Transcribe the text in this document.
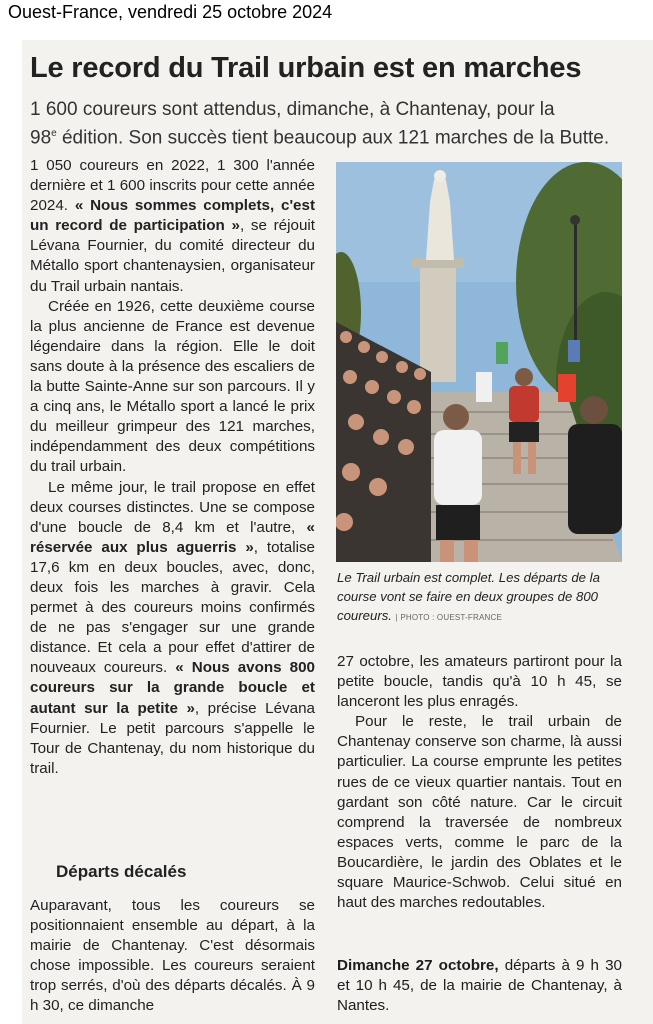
Ouest-France, vendredi 25 octobre 2024
Le record du Trail urbain est en marches
1 600 coureurs sont attendus, dimanche, à Chantenay, pour la
98e édition. Son succès tient beaucoup aux 121 marches de la Butte.

1 050 coureurs en 2022, 1 300 l'année dernière et 1 600 inscrits pour cette année 2024. « Nous sommes complets, c'est un record de participation », se réjouit Lévana Fournier, du comité directeur du Métallo sport chantenaysien, organisateur du Trail urbain nantais.

Créée en 1926, cette deuxième course la plus ancienne de France est devenue légendaire dans la région. Elle le doit sans doute à la présence des escaliers de la butte Sainte-Anne sur son parcours. Il y a cinq ans, le Métallo sport a lancé le prix du meilleur grimpeur des 121 marches, indépendamment des deux compétitions du trail urbain.

Le même jour, le trail propose en effet deux courses distinctes. Une se compose d'une boucle de 8,4 km et l'autre, « réservée aux plus aguerris », totalise 17,6 km en deux boucles, avec, donc, deux fois les marches à gravir. Cela permet à des coureurs moins confirmés de ne pas s'engager sur une grande distance. Et cela a pour effet d'attirer de nouveaux coureurs. « Nous avons 800 coureurs sur la grande boucle et autant sur la petite », précise Lévana Fournier. Le petit parcours s'appelle le Tour de Chantenay, du nom historique du trail.

Départs décalés

Auparavant, tous les coureurs se positionnaient ensemble au départ, à la mairie de Chantenay. C'est désormais chose impossible. Les coureurs seraient trop serrés, d'où des départs décalés. À 9 h 30, ce dimanche

Le Trail urbain est complet. Les départs de la course vont se faire en deux groupes de 800 coureurs. | PHOTO : OUEST-FRANCE

27 octobre, les amateurs partiront pour la petite boucle, tandis qu'à 10 h 45, se lanceront les plus enragés.

Pour le reste, le trail urbain de Chantenay conserve son charme, là aussi particulier. La course emprunte les petites rues de ce vieux quartier nantais. Tout en gardant son côté nature. Car le circuit comprend la traversée de nombreux espaces verts, comme le parc de la Boucardière, le jardin des Oblates et le square Maurice-Schwob. Celui situé en haut des marches redoutables.

Dimanche 27 octobre, départs à 9 h 30 et 10 h 45, de la mairie de Chantenay, à Nantes.
